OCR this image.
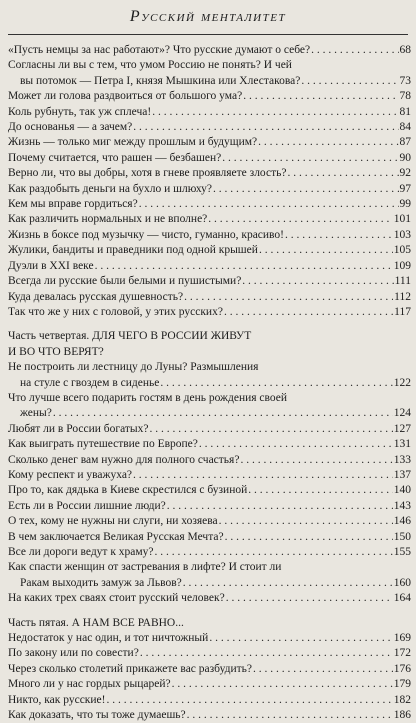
Русский менталитет
«Пусть немцы за нас работают»? Что русские думают о себе? . . .	68
Согласны ли вы с тем, что умом Россию не понять? И чей
вы потомок — Петра I, князя Мышкина или Хлестакова? . . .	73
Может ли голова раздвоиться от большого ума? . . .	78
Коль рубнуть, так уж сплеча! . . .	81
До основанья — а зачем? . . .	84
Жизнь — только миг между прошлым и будущим? . . .	87
Почему считается, что рашен — безбашен? . . .	90
Верно ли, что вы добры, хотя в гневе проявляете злость? . . .	92
Как раздобыть деньги на бухло и шлюху? . . .	97
Кем мы вправе гордиться? . . .	99
Как различить нормальных и не вполне? . . .	101
Жизнь в боксе под музычку — чисто, гуманно, красиво! . . .	103
Жулики, бандиты и праведники под одной крышей . . .	105
Дуэли в XXI веке . . .	109
Всегда ли русские были белыми и пушистыми? . . .	111
Куда девалась русская душевность? . . .	112
Так что же у них с головой, у этих русских? . . .	117
Часть четвертая. ДЛЯ ЧЕГО В РОССИИ ЖИВУТ
И ВО ЧТО ВЕРЯТ?
Не построить ли лестницу до Луны? Размышления
на стуле с гвоздем в сиденье . . .	122
Что лучше всего подарить гостям в день рождения своей
жены? . . .	124
Любят ли в России богатых? . . .	127
Как выиграть путешествие по Европе? . . .	131
Сколько денег вам нужно для полного счастья? . . .	133
Кому респект и уважуха? . . .	137
Про то, как дядька в Киеве скрестился с бузиной . . .	140
Есть ли в России лишние люди? . . .	143
О тех, кому не нужны ни слуги, ни хозяева . . .	146
В чем заключается Великая Русская Мечта? . . .	150
Все ли дороги ведут к храму? . . .	155
Как спасти женщин от застревания в лифте? И стоит ли
Ракам выходить замуж за Львов? . . .	160
На каких трех сваях стоит русский человек? . . .	164
Часть пятая. А НАМ ВСЕ РАВНО...
Недостаток у нас один, и тот ничтожный . . .	169
По закону или по совести? . . .	172
Через сколько столетий прикажете вас разбудить? . . .	176
Много ли у нас гордых рыцарей? . . .	179
Никто, как русские! . . .	182
Как доказать, что ты тоже думаешь? . . .	186
